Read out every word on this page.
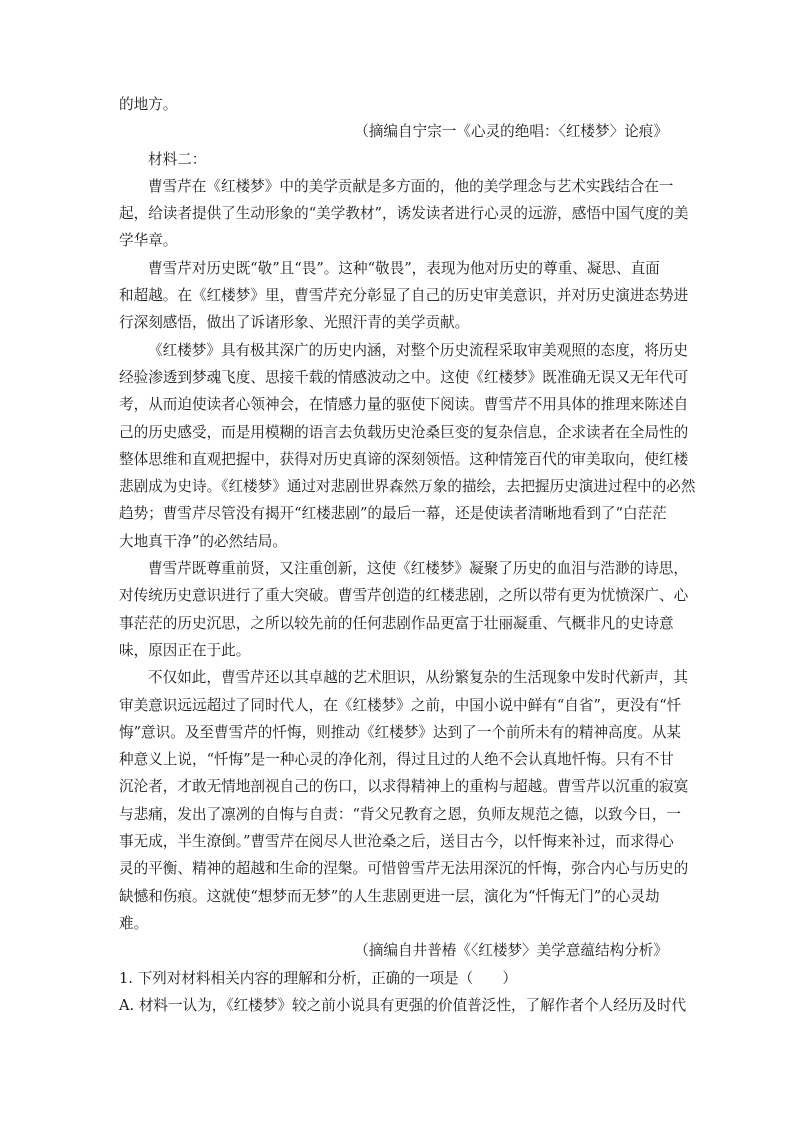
的地方。
（摘编自宁宗一《心灵的绝唱：〈红楼梦〉论痕》
材料二：
曹雪芹在《红楼梦》中的美学贡献是多方面的，他的美学理念与艺术实践结合在一
起，给读者提供了生动形象的“美学教材”，诱发读者进行心灵的远游，感悟中国气度的美
学华章。
曹雪芹对历史既“敬”且“畏”。这种“敬畏”，表现为他对历史的尊重、凝思、直面
和超越。在《红楼梦》里，曹雪芹充分彰显了自己的历史审美意识，并对历史演进态势进
行深刻感悟，做出了诉诸形象、光照汗青的美学贡献。
《红楼梦》具有极其深广的历史内涵，对整个历史流程采取审美观照的态度，将历史
经验渗透到梦魂飞度、思接千载的情感波动之中。这使《红楼梦》既准确无误又无年代可
考，从而迫使读者心领神会，在情感力量的驱使下阅读。曹雪芹不用具体的推理来陈述自
己的历史感受，而是用模糊的语言去负载历史沧桑巨变的复杂信息，企求读者在全局性的
整体思维和直观把握中，获得对历史真谛的深刻领悟。这种情笼百代的审美取向，使红楼
悲剧成为史诗。《红楼梦》通过对悲剧世界森然万象的描绘，去把握历史演进过程中的必然
趋势；曹雪芹尽管没有揭开“红楼悲剧”的最后一幕，还是使读者清晰地看到了“白茫茫
大地真干净”的必然结局。
曹雪芹既尊重前贤，又注重创新，这使《红楼梦》凝聚了历史的血泪与浩渺的诗思，
对传统历史意识进行了重大突破。曹雪芹创造的红楼悲剧，之所以带有更为忧愤深广、心
事茫茫的历史沉思，之所以较先前的任何悲剧作品更富于壮丽凝重、气概非凡的史诗意
味，原因正在于此。
不仅如此，曹雪芹还以其卓越的艺术胆识，从纷繁复杂的生活现象中发时代新声，其
审美意识远远超过了同时代人，在《红楼梦》之前，中国小说中鲜有“自省”，更没有“忏
悔”意识。及至曹雪芹的忏悔，则推动《红楼梦》达到了一个前所未有的精神高度。从某
种意义上说，“忏悔”是一种心灵的净化剂，得过且过的人绝不会认真地忏悔。只有不甘
沉沦者，才敢无情地剖视自己的伤口，以求得精神上的重构与超越。曹雪芹以沉重的寂寞
与悲痛，发出了凛冽的自悔与自责：“背父兄教育之恩，负师友规范之德，以致今日，一
事无成，半生潦倒。”曹雪芹在阅尽人世沧桑之后，送目古今，以忏悔来补过，而求得心
灵的平衡、精神的超越和生命的涅槃。可惜曾雪芹无法用深沉的忏悔，弥合内心与历史的
缺憾和伤痕。这就使“想梦而无梦”的人生悲剧更进一层，演化为“忏悔无门”的心灵劫
难。
（摘编自井普椿《〈红楼梦〉美学意蕴结构分析》
1. 下列对材料相关内容的理解和分析，正确的一项是（　　）
A. 材料一认为，《红楼梦》较之前小说具有更强的价值普泛性，了解作者个人经历及时代
